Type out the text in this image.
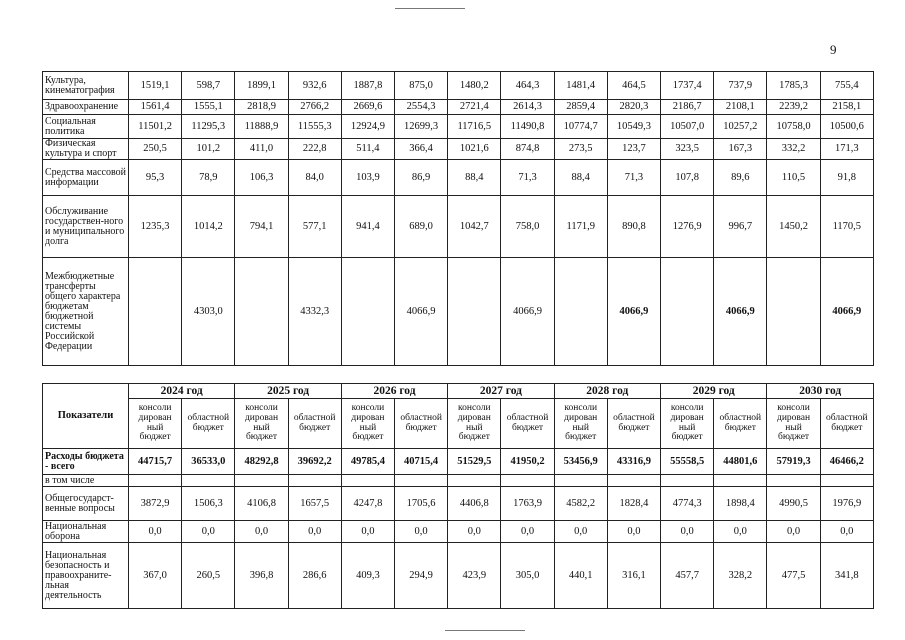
9
Культура, кинематография	1519,1	598,7	1899,1	932,6	1887,8	875,0	1480,2	464,3	1481,4	464,5	1737,4	737,9	1785,3	755,4
Здравоохранение	1561,4	1555,1	2818,9	2766,2	2669,6	2554,3	2721,4	2614,3	2859,4	2820,3	2186,7	2108,1	2239,2	2158,1
Социальная политика	11501,2	11295,3	11888,9	11555,3	12924,9	12699,3	11716,5	11490,8	10774,7	10549,3	10507,0	10257,2	10758,0	10500,6
Физическая культура и спорт	250,5	101,2	411,0	222,8	511,4	366,4	1021,6	874,8	273,5	123,7	323,5	167,3	332,2	171,3
Средства массовой информации	95,3	78,9	106,3	84,0	103,9	86,9	88,4	71,3	88,4	71,3	107,8	89,6	110,5	91,8
Обслуживание государствен-ного и муниципального долга	1235,3	1014,2	794,1	577,1	941,4	689,0	1042,7	758,0	1171,9	890,8	1276,9	996,7	1450,2	1170,5
Межбюджетные трансферты общего характера бюджетам бюджетной системы Российской Федерации		4303,0		4332,3		4066,9		4066,9		4066,9		4066,9		4066,9
Показатели	2024 год		2025 год		2026 год		2027 год		2028 год		2029 год		2030 год	
	консоли дирован ный бюджет	областной бюджет	консоли дирован ный бюджет	областной бюджет	консоли дирован ный бюджет	областной бюджет	консоли дирован ный бюджет	областной бюджет	консоли дирован ный бюджет	областной бюджет	консоли дирован ный бюджет	областной бюджет	консоли дирован ный бюджет	областной бюджет
Расходы бюджета - всего	44715,7	36533,0	48292,8	39692,2	49785,4	40715,4	51529,5	41950,2	53456,9	43316,9	55558,5	44801,6	57919,3	46466,2
в том числе														
Общегосударст-венные вопросы	3872,9	1506,3	4106,8	1657,5	4247,8	1705,6	4406,8	1763,9	4582,2	1828,4	4774,3	1898,4	4990,5	1976,9
Национальная оборона	0,0	0,0	0,0	0,0	0,0	0,0	0,0	0,0	0,0	0,0	0,0	0,0	0,0	0,0
Национальная безопасность и правоохраните-льная деятельность	367,0	260,5	396,8	286,6	409,3	294,9	423,9	305,0	440,1	316,1	457,7	328,2	477,5	341,8
